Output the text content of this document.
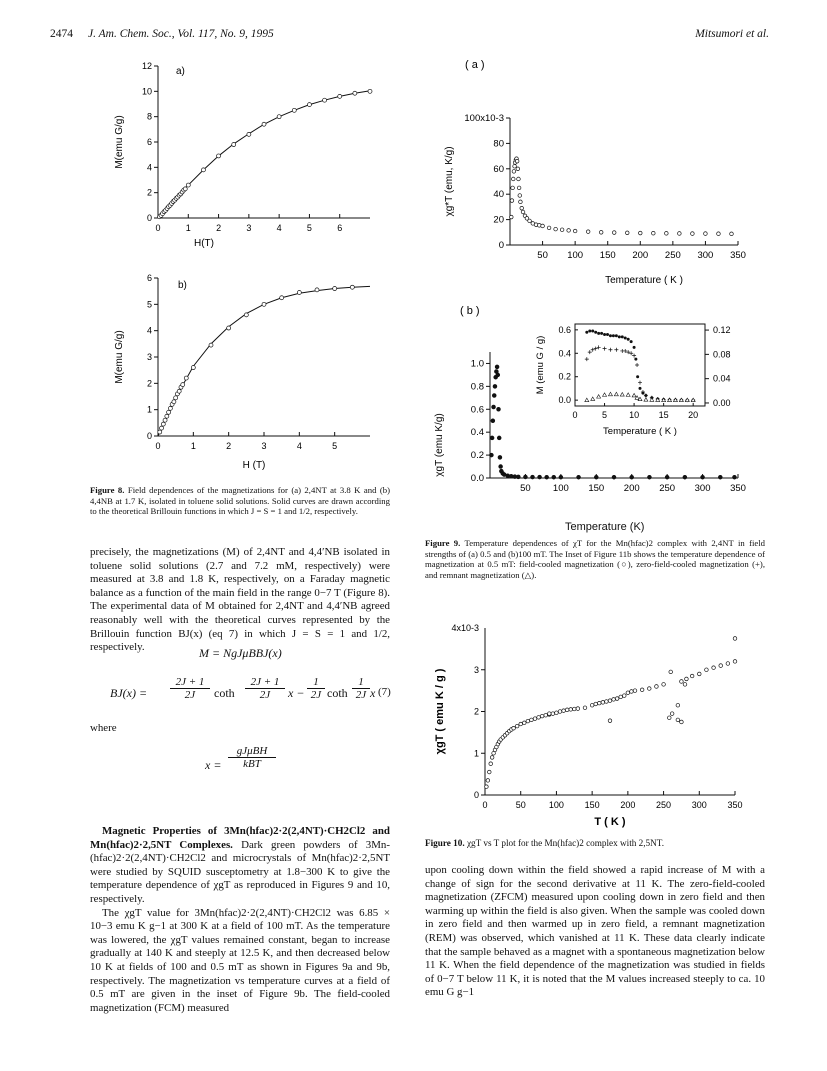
2474 J. Am. Chem. Soc., Vol. 117, No. 9, 1995	Mitsumori et al.
0	1	2	3	4	5	6
0
2
4
6
8
10
12 a)
H(T)
M(emu G/g)
0	1	2	3	4	5
0
1
2
3
4
5
6
b)
H (T)
M(emu G/g)
Figure 8. Field dependences of the magnetizations for (a) 2,4NT at 3.8 K and (b) 4,4NB at 1.7 K, isolated in toluene solid solutions. Solid curves are drawn according to the theoretical Brillouin functions in which J = S = 1 and 1/2, respectively.
50 100 150 200 250 300 350
0
20
40
60
80
( a )
100x10-3
Temperature ( K )
χg*T (emu, K/g)
50 100 150 200 250 300 350
0.0
0.2
0.4
0.6
0.8
1.0
( b )
χgT (emu K/g)	0	5 10 15 20
0.0
0.2
0.4
0.6
0.00
0.04
0.08
0.12
Temperature ( K )
M (emu G / g)
Temperature (K)
Figure 9. Temperature dependences of χT for the Mn(hfac)2 complex with 2,4NT in field strengths of (a) 0.5 and (b)100 mT. The Inset of Figure 11b shows the temperature dependence of magnetization at 0.5 mT: field-cooled magnetization (○), zero-field-cooled magnetization (+), and remnant magnetization (△).
0	50	100 150 200 250 300 350
0
1
2
3
4x10-3
T ( K )
χgT ( emu K / g )
Figure 10. χgT vs T plot for the Mn(hfac)2 complex with 2,5NT.

precisely, the magnetizations (M) of 2,4NT and 4,4′NB isolated in toluene solid solutions (2.7 and 7.2 mM, respectively) were measured at 3.8 and 1.8 K, respectively, on a Faraday magnetic balance as a function of the main field in the range 0−7 T (Figure 8). The experimental data of M obtained for 2,4NT and 4,4′NB agreed reasonably well with the theoretical curves represented by the Brillouin function BJ(x) (eq 7) in which J = S = 1 and 1/2, respectively.	M = NgJμBBJ(x)
BJ(x) =
2J + 1
2J	coth
2J + 1
2J	x −
1
2J coth
1
2J x (7)
where
x =
gJμBH
kBT

Magnetic Properties of 3Mn(hfac)2·2(2,4NT)·CH2Cl2 and Mn(hfac)2·2,5NT Complexes. Dark green powders of 3Mn-(hfac)2·2(2,4NT)·CH2Cl2 and microcrystals of Mn(hfac)2·2,5NT were studied by SQUID susceptometry at 1.8−300 K to give the temperature dependence of χgT as reproduced in Figures 9 and 10, respectively.

The χgT value for 3Mn(hfac)2·2(2,4NT)·CH2Cl2 was 6.85 × 10−3 emu K g−1 at 300 K at a field of 100 mT. As the temperature was lowered, the χgT values remained constant, began to increase gradually at 140 K and steeply at 12.5 K, and then decreased below 10 K at fields of 100 and 0.5 mT as shown in Figures 9a and 9b, respectively. The magnetization vs temperature curves at a field of 0.5 mT are given in the inset of Figure 9b. The field-cooled magnetization (FCM) measured

upon cooling down within the field showed a rapid increase of M with a change of sign for the second derivative at 11 K. The zero-field-cooled magnetization (ZFCM) measured upon cooling down in zero field and then warming up within the field is also given. When the sample was cooled down in zero field and then warmed up in zero field, a remnant magnetization (REM) was observed, which vanished at 11 K. These data clearly indicate that the sample behaved as a magnet with a spontaneous magnetization below 11 K. When the field dependence of the magnetization was studied in fields of 0−7 T below 11 K, it is noted that the M values increased steeply to ca. 10 emu G g−1
